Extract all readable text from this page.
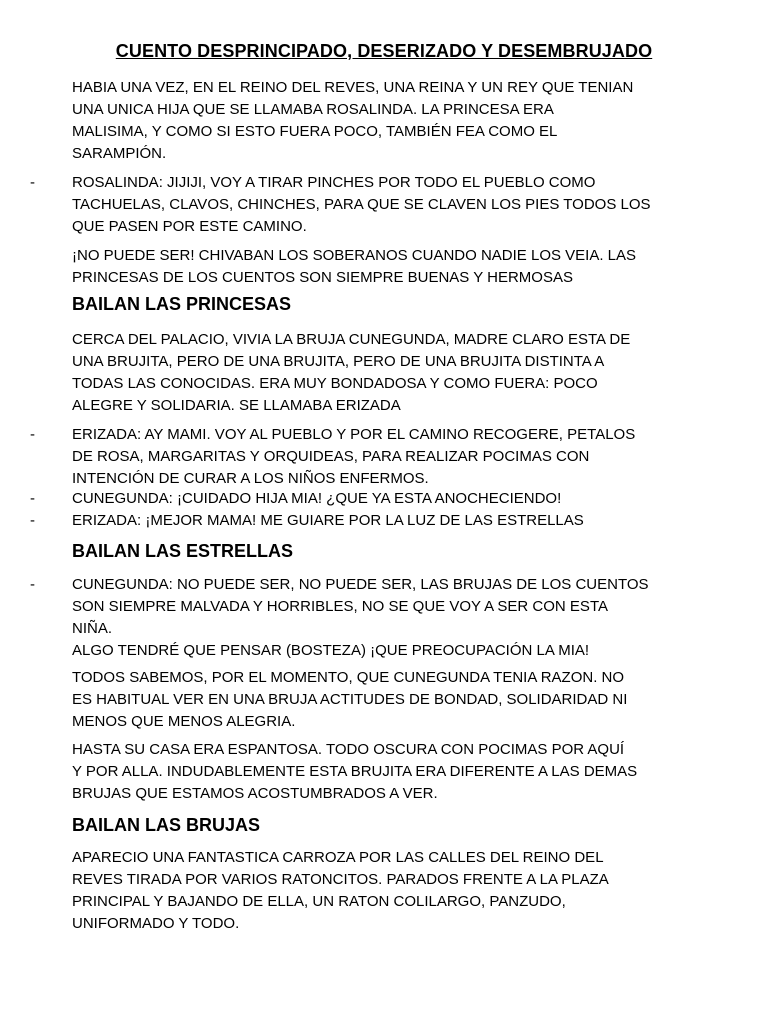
CUENTO DESPRINCIPADO, DESERIZADO Y DESEMBRUJADO

HABIA UNA VEZ, EN EL REINO DEL REVES, UNA REINA Y UN REY QUE TENIAN
UNA UNICA HIJA QUE SE LLAMABA ROSALINDA. LA PRINCESA ERA
MALISIMA, Y COMO SI ESTO FUERA POCO, TAMBIÉN FEA COMO EL
SARAMPIÓN.

- ROSALINDA: JIJIJI, VOY A TIRAR PINCHES POR TODO EL PUEBLO COMO
TACHUELAS, CLAVOS, CHINCHES, PARA QUE SE CLAVEN LOS PIES TODOS LOS
QUE PASEN POR ESTE CAMINO.

¡NO PUEDE SER! CHIVABAN LOS SOBERANOS CUANDO NADIE LOS VEIA. LAS
PRINCESAS DE LOS CUENTOS SON SIEMPRE BUENAS Y HERMOSAS

BAILAN LAS PRINCESAS

CERCA DEL PALACIO, VIVIA LA BRUJA CUNEGUNDA, MADRE CLARO ESTA DE
UNA BRUJITA, PERO DE UNA BRUJITA, PERO DE UNA BRUJITA DISTINTA A
TODAS LAS CONOCIDAS. ERA MUY BONDADOSA Y COMO FUERA: POCO
ALEGRE Y SOLIDARIA. SE LLAMABA ERIZADA

- ERIZADA: AY MAMI. VOY AL PUEBLO Y POR EL CAMINO RECOGERE, PETALOS
DE ROSA, MARGARITAS Y ORQUIDEAS, PARA REALIZAR POCIMAS CON
INTENCIÓN DE CURAR A LOS NIÑOS ENFERMOS.

- CUNEGUNDA: ¡CUIDADO HIJA MIA! ¿QUE YA ESTA ANOCHECIENDO!

- ERIZADA: ¡MEJOR MAMA! ME GUIARE POR LA LUZ DE LAS ESTRELLAS

BAILAN LAS ESTRELLAS
- CUNEGUNDA: NO PUEDE SER, NO PUEDE SER, LAS BRUJAS DE LOS CUENTOS
SON SIEMPRE MALVADA Y HORRIBLES, NO SE QUE VOY A SER CON ESTA
NIÑA.
ALGO TENDRÉ QUE PENSAR (BOSTEZA) ¡QUE PREOCUPACIÓN LA MIA!

TODOS SABEMOS, POR EL MOMENTO, QUE CUNEGUNDA TENIA RAZON. NO
ES HABITUAL VER EN UNA BRUJA ACTITUDES DE BONDAD, SOLIDARIDAD NI
MENOS QUE MENOS ALEGRIA.

HASTA SU CASA ERA ESPANTOSA. TODO OSCURA CON POCIMAS POR AQUÍ
Y POR ALLA. INDUDABLEMENTE ESTA BRUJITA ERA DIFERENTE A LAS DEMAS
BRUJAS QUE ESTAMOS ACOSTUMBRADOS A VER.

BAILAN LAS BRUJAS

APARECIO UNA FANTASTICA CARROZA POR LAS CALLES DEL REINO DEL
REVES TIRADA POR VARIOS RATONCITOS. PARADOS FRENTE A LA PLAZA
PRINCIPAL Y BAJANDO DE ELLA, UN RATON COLILARGO, PANZUDO,
UNIFORMADO Y TODO.
